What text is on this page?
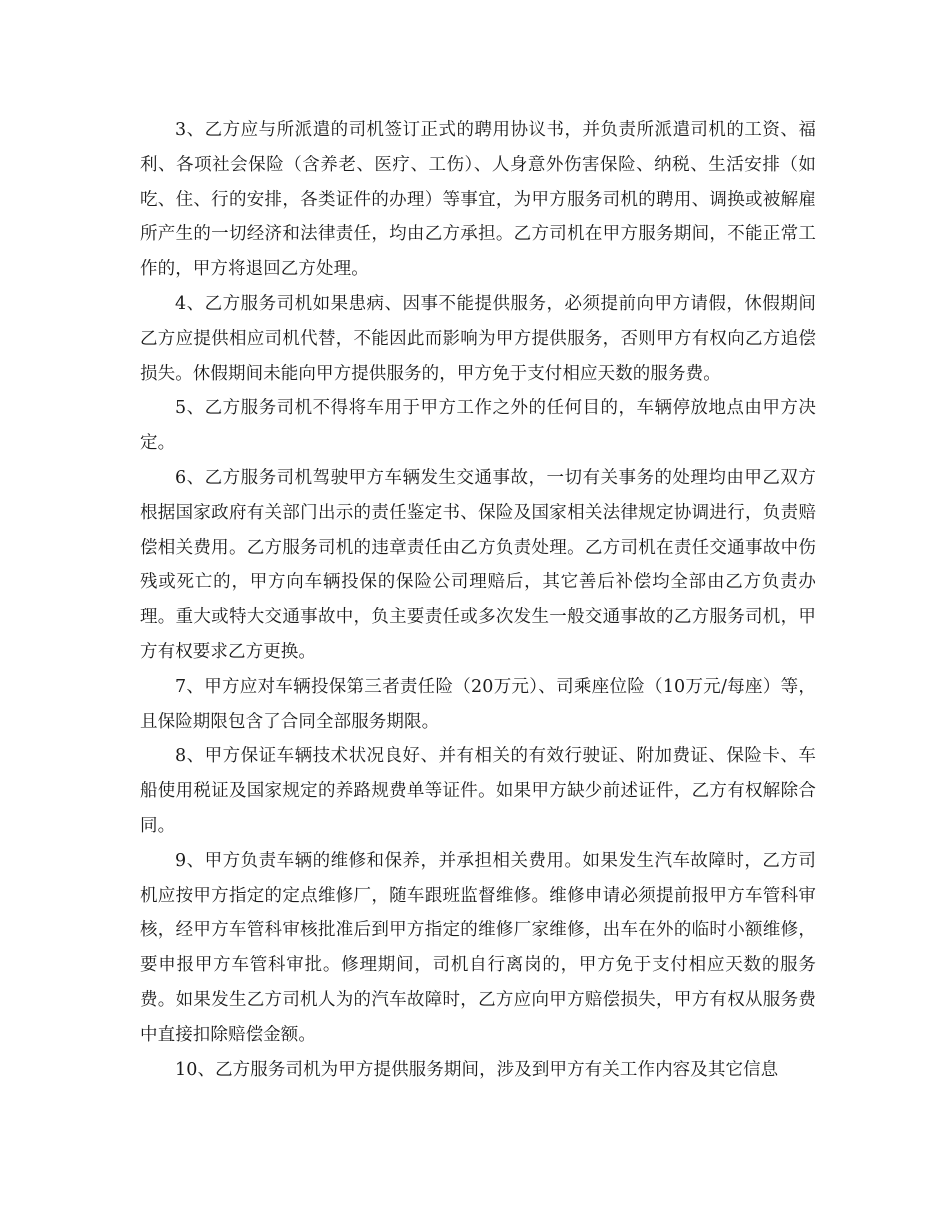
3、乙方应与所派遣的司机签订正式的聘用协议书，并负责所派遣司机的工资、福利、各项社会保险（含养老、医疗、工伤）、人身意外伤害保险、纳税、生活安排（如吃、住、行的安排，各类证件的办理）等事宜，为甲方服务司机的聘用、调换或被解雇所产生的一切经济和法律责任，均由乙方承担。乙方司机在甲方服务期间，不能正常工作的，甲方将退回乙方处理。

4、乙方服务司机如果患病、因事不能提供服务，必须提前向甲方请假，休假期间乙方应提供相应司机代替，不能因此而影响为甲方提供服务，否则甲方有权向乙方追偿损失。休假期间未能向甲方提供服务的，甲方免于支付相应天数的服务费。

5、乙方服务司机不得将车用于甲方工作之外的任何目的，车辆停放地点由甲方决定。

6、乙方服务司机驾驶甲方车辆发生交通事故，一切有关事务的处理均由甲乙双方根据国家政府有关部门出示的责任鉴定书、保险及国家相关法律规定协调进行，负责赔偿相关费用。乙方服务司机的违章责任由乙方负责处理。乙方司机在责任交通事故中伤残或死亡的，甲方向车辆投保的保险公司理赔后，其它善后补偿均全部由乙方负责办理。重大或特大交通事故中，负主要责任或多次发生一般交通事故的乙方服务司机，甲方有权要求乙方更换。

7、甲方应对车辆投保第三者责任险（20万元）、司乘座位险（10万元/每座）等，且保险期限包含了合同全部服务期限。

8、甲方保证车辆技术状况良好、并有相关的有效行驶证、附加费证、保险卡、车船使用税证及国家规定的养路规费单等证件。如果甲方缺少前述证件，乙方有权解除合同。

9、甲方负责车辆的维修和保养，并承担相关费用。如果发生汽车故障时，乙方司机应按甲方指定的定点维修厂，随车跟班监督维修。维修申请必须提前报甲方车管科审核，经甲方车管科审核批准后到甲方指定的维修厂家维修，出车在外的临时小额维修，要申报甲方车管科审批。修理期间，司机自行离岗的，甲方免于支付相应天数的服务费。如果发生乙方司机人为的汽车故障时，乙方应向甲方赔偿损失，甲方有权从服务费中直接扣除赔偿金额。

10、乙方服务司机为甲方提供服务期间，涉及到甲方有关工作内容及其它信息
